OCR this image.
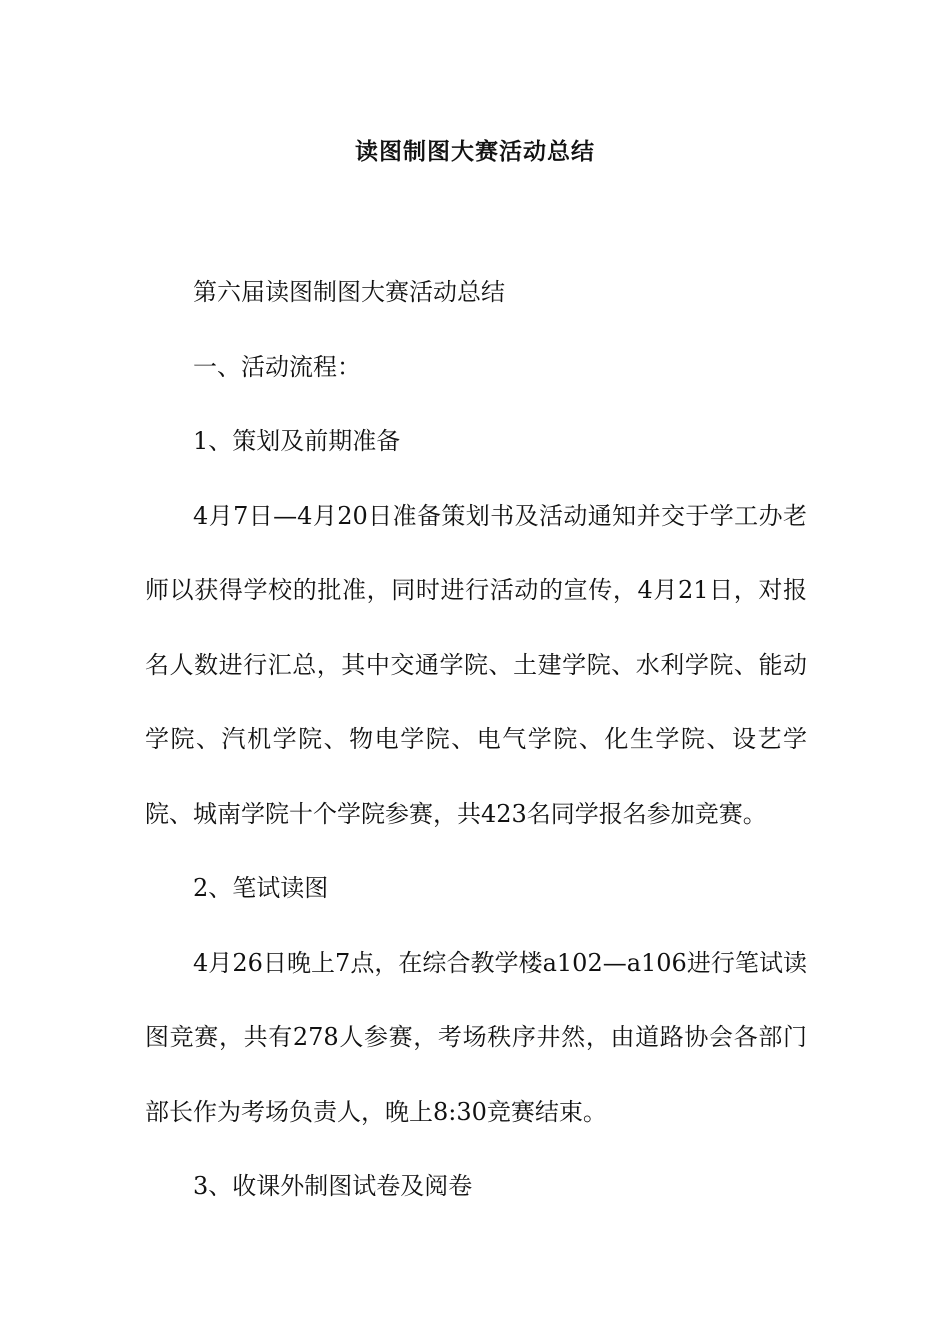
读图制图大赛活动总结

第六届读图制图大赛活动总结

一、活动流程：

1、策划及前期准备

4月7日—4月20日准备策划书及活动通知并交于学工办老师以获得学校的批准，同时进行活动的宣传，4月21日，对报名人数进行汇总，其中交通学院、土建学院、水利学院、能动学院、汽机学院、物电学院、电气学院、化生学院、设艺学院、城南学院十个学院参赛，共423名同学报名参加竞赛。

2、笔试读图

4月26日晚上7点，在综合教学楼a102—a106进行笔试读图竞赛，共有278人参赛，考场秩序井然，由道路协会各部门部长作为考场负责人，晚上8:30竞赛结束。

3、收课外制图试卷及阅卷
